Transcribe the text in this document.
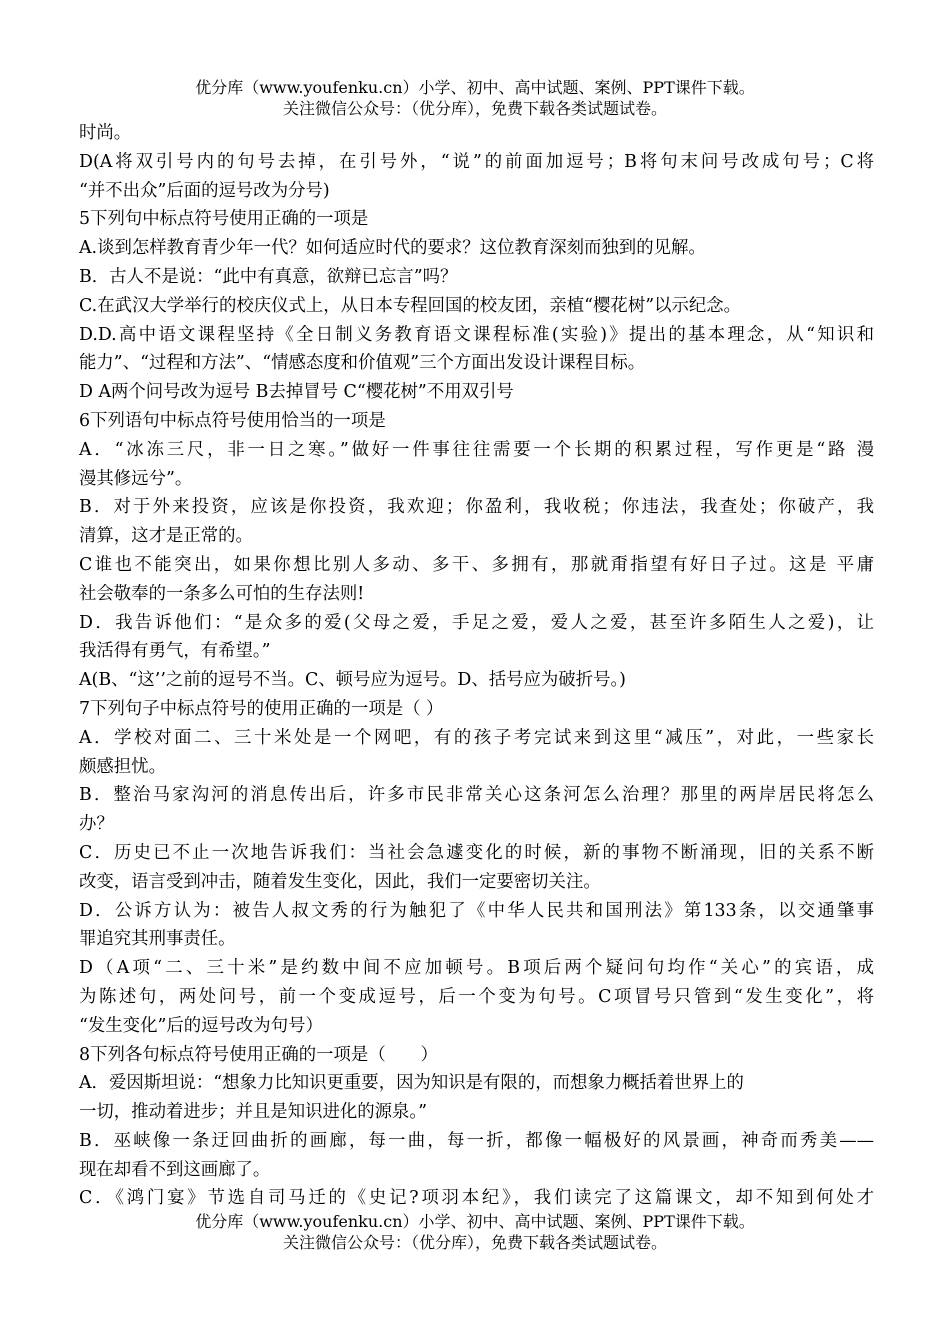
优分库（www.youfenku.cn）小学、初中、高中试题、案例、PPT课件下载。
关注微信公众号：（优分库），免费下载各类试题试卷。
时尚。
D(A将双引号内的句号去掉，在引号外，“说”的前面加逗号；B将句末问号改成句号；C将
“并不出众”后面的逗号改为分号)
5下列句中标点符号使用正确的一项是
A.谈到怎样教育青少年一代？如何适应时代的要求？这位教育深刻而独到的见解。
B．古人不是说：“此中有真意，欲辩已忘言”吗？
C.在武汉大学举行的校庆仪式上，从日本专程回国的校友团，亲植“樱花树”以示纪念。
D.D.高中语文课程坚持《全日制义务教育语文课程标准(实验)》提出的基本理念，从“知识和
能力”、“过程和方法”、“情感态度和价值观”三个方面出发设计课程目标。
D A两个问号改为逗号 B去掉冒号 C“樱花树”不用双引号
6下列语句中标点符号使用恰当的一项是
A．“冰冻三尺，非一日之寒。”做好一件事往往需要一个长期的积累过程，写作更是“路 漫
漫其修远兮”。
B．对于外来投资，应该是你投资，我欢迎；你盈利，我收税；你违法，我查处；你破产，我
清算，这才是正常的。
C谁也不能突出，如果你想比别人多动、多干、多拥有，那就甭指望有好日子过。这是 平庸
社会敬奉的一条多么可怕的生存法则!
D．我告诉他们：“是众多的爱(父母之爱，手足之爱，爱人之爱，甚至许多陌生人之爱)，让
我活得有勇气，有希望。”
A(B、“这’’之前的逗号不当。C、顿号应为逗号。D、括号应为破折号。)
7下列句子中标点符号的使用正确的一项是（ ）
A．学校对面二、三十米处是一个网吧，有的孩子考完试来到这里“减压”，对此，一些家长
颇感担忧。
B．整治马家沟河的消息传出后，许多市民非常关心这条河怎么治理？那里的两岸居民将怎么
办？
C．历史已不止一次地告诉我们：当社会急遽变化的时候，新的事物不断涌现，旧的关系不断
改变，语言受到冲击，随着发生变化，因此，我们一定要密切关注。
D．公诉方认为：被告人叔文秀的行为触犯了《中华人民共和国刑法》第133条，以交通肇事
罪追究其刑事责任。
D（A项“二、三十米”是约数中间不应加顿号。B项后两个疑问句均作“关心”的宾语，成
为陈述句，两处问号，前一个变成逗号，后一个变为句号。C项冒号只管到“发生变化”，将
“发生变化”后的逗号改为句号）
8下列各句标点符号使用正确的一项是（　　）
A．爱因斯坦说：“想象力比知识更重要，因为知识是有限的，而想象力概括着世界上的
一切，推动着进步；并且是知识进化的源泉。”
B．巫峡像一条迂回曲折的画廊，每一曲，每一折，都像一幅极好的风景画，神奇而秀美——
现在却看不到这画廊了。
C．《鸿门宴》节选自司马迁的《史记?项羽本纪》，我们读完了这篇课文，却不知到何处才
优分库（www.youfenku.cn）小学、初中、高中试题、案例、PPT课件下载。
关注微信公众号：（优分库），免费下载各类试题试卷。
